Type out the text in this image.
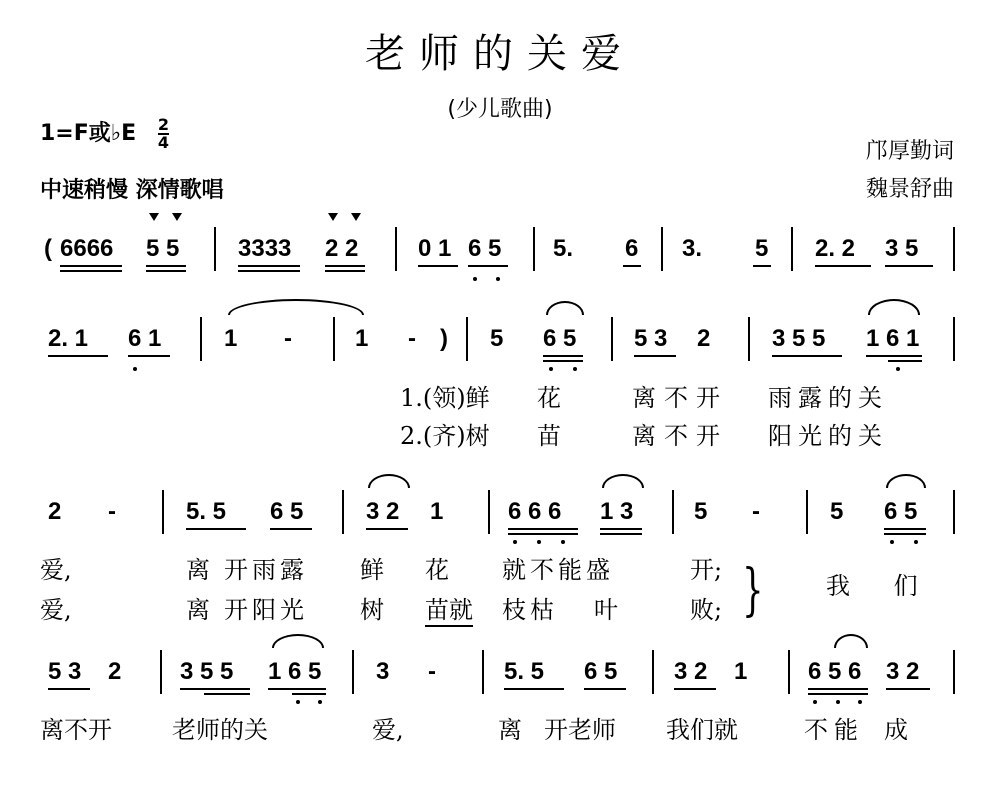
老师的关爱
(少儿歌曲)
1=F或♭E $\frac{2}{4}$
中速稍慢 深情歌唱
邝厚勤词
魏景舒曲
( 6666 5 5 3333 2 2 0 1 6 5 5. 6 3. 5 2. 2 3 5
2. 1 6 1	1 -	1 - ) 5 6 5 5 3 2	3 5 5 1 6 1
1.(领)鲜 花	离不开 雨露的关
2.(齐)树 苗	离不开 阳光的关
2 -	5. 5 6 5	3 2 1	6 6 6 1 3	5 -	5 6 5
爱,	离 开雨露 鲜 花 就不能盛	开;
爱,	离 开阳光 树 苗就 枝枯 叶	败; }	我 们
5 3 2 3 5 5 1 6 5 3 -	5. 5 6 5 3 2 1	6 5 6 3 2
离不开	老师的关	爱,	离 开老师 我们就	不能 成
